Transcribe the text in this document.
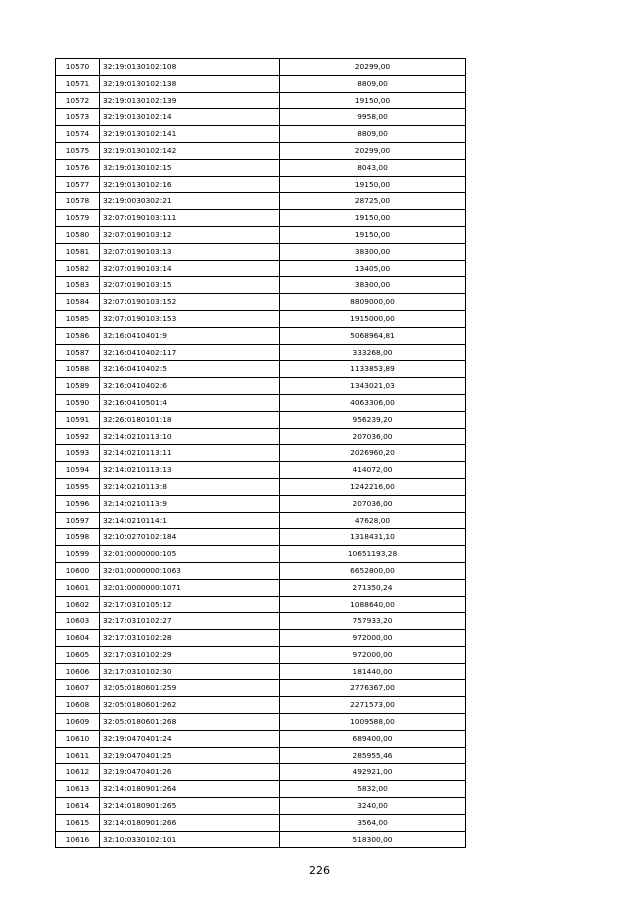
10570	32:19:0130102:108	20299,00
10571	32:19:0130102:138	8809,00
10572	32:19:0130102:139	19150,00
10573	32:19:0130102:14	9958,00
10574	32:19:0130102:141	8809,00
10575	32:19:0130102:142	20299,00
10576	32:19:0130102:15	8043,00
10577	32:19:0130102:16	19150,00
10578	32:19:0030302:21	28725,00
10579	32:07:0190103:111	19150,00
10580	32:07:0190103:12	19150,00
10581	32:07:0190103:13	38300,00
10582	32:07:0190103:14	13405,00
10583	32:07:0190103:15	38300,00
10584	32:07:0190103:152	8809000,00
10585	32:07:0190103:153	1915000,00
10586	32:16:0410401:9	5068964,81
10587	32:16:0410402:117	333268,00
10588	32:16:0410402:5	1133853,89
10589	32:16:0410402:6	1343021,03
10590	32:16:0410501:4	4063306,00
10591	32:26:0180101:18	956239,20
10592	32:14:0210113:10	207036,00
10593	32:14:0210113:11	2026960,20
10594	32:14:0210113:13	414072,00
10595	32:14:0210113:8	1242216,00
10596	32:14:0210113:9	207036,00
10597	32:14:0210114:1	47628,00
10598	32:10:0270102:184	1318431,10
10599	32:01:0000000:105	10651193,28
10600	32:01:0000000:1063	6652800,00
10601	32:01:0000000:1071	271350,24
10602	32:17:0310105:12	1088640,00
10603	32:17:0310102:27	757933,20
10604	32:17:0310102:28	972000,00
10605	32:17:0310102:29	972000,00
10606	32:17:0310102:30	181440,00
10607	32:05:0180601:259	2776367,00
10608	32:05:0180601:262	2271573,00
10609	32:05:0180601:268	1009588,00
10610	32:19:0470401:24	689400,00
10611	32:19:0470401:25	285955,46
10612	32:19:0470401:26	492921,00
10613	32:14:0180901:264	5832,00
10614	32:14:0180901:265	3240,00
10615	32:14:0180901:266	3564,00
10616	32:10:0330102:101	518300,00
226
